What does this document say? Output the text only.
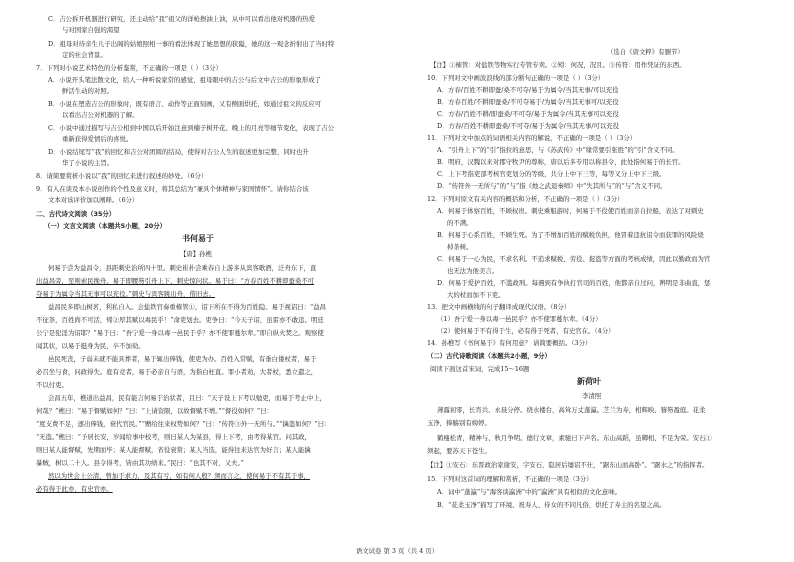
C．吉公拆开机器进行研究，还主动给“我”祖父的洋枪擦油上油，从中可以看出他对机器的热爱
与对国家自强的渴望
D．祖母对待亲生儿子出阁的姑娘照相一事的看法体现了她思想的狭隘，她的这一观念折射出了当时特
定的社会背景。
7．下列对小说艺术特色的分析鉴赏，不正确的一项是（ ）（3分）
A．小说开头笔法散文化，给人一种听说家常的感觉，祖母眼中的吉公与后文中吉公的形象形成了
鲜活生动的对照。
B．小说在塑造吉公的形象时，既有语言、动作等正面刻画，又有侧面烘托，如通过祖父的反应可
以看出吉公对机器的了解。
C．小说中通过描写与吉公相到中国以后开始注意到楠子树开花、晚上的月亮等细节变化，表现了吉公
重新获得爱情后的喜悦。
D．小说结尾写“我”的回忆和吉公对团圆的结局，使得对吉公人生的叙述更加完整，同时也升
华了小说的主旨。
8．请简要赏析小说以“我”的回忆来进行叙述的妙处。（6分）
9．有人在谈及本小说创作的个性及意义时，将其总结为“兼具个体精神与家国情怀”。请你结合该
文本对该评价加以阐释。（6分）
二、古代诗文阅读（35分）
（一）文言文阅读（本题共5小题，20分）
书何易于
【唐】孙樵
何易于尝为益昌令，县距刺史治所四十里。刺史崔朴尝乘春自上游多从宾客歌酒，泛舟东下，直
出益昌旁，至则索民挽舟。易于即腰笏引舟上下，刺史惊问状。易于曰：“方春百姓不耕即蚕桑不可
夺易于为属令当其无事可以充役。”刺史与宾客跳出舟，偕旧去。
益昌民多即山树茗，利私自入。会盐铁官奏重榷管①，诏下所在不得为百姓隐。易于视诏曰：“益昌
不征茶，百姓尚不可活，矧②厚其赋以毒民乎！”命吏划去。吏争曰：“今天子诏，虽雷亦不敢违。明廷
公宁是犯淫为诏耶？”易于曰：“吾宁爱一身以毒一邑民于乎？亦不使罪蔓尔辈。”即自纵火焚之。观察使
闻其状，以易于挺身为民，卒不加劾。
邑民死丧，子弱未就不能具葬者，易于辄出俸钱，使吏为办。百姓入常赋，有垂白偻杖者，易于
必召坐与食，问政得失。庭有竞者，易于必亲自与语，为指白枉直。罪小者劝，大者杖，悉立遣之，
不以付吏。
会昌五年，樵道出益昌，民有能言何易于治状者，且曰：“天子设上下考以勉吏，而易于考止中上，
何哉？”樵曰：“易于督赋如何？”曰：“上请资限，以故督赋不增。”“督役如何？”曰：
“度支费不足，逐出俸钱，衰代官民。”“赠给往来权势如何？”曰：“传符③外一无所与。”“擒盗如何？”曰：
“无盗。”樵曰：“予居长安，岁闻给事中校考，则曰某人为某县，得上下考，由考得某官。问其政，
则曰某人能督赋，先期而毕；某人能督赋，省役衰赏；某人当选，能得往来达官为好言；某人能擒
暴贼，树以二十人。县令得考，皆由其功绩来。”民曰：“也其不对，又夫。”
然以为世会上公清，曾加于求力，及其有亏，如有何人殷？须而言之，使何易于不有其于事，
必有得于此亦，有史官亦。
（选自《唐文粹》有删节）
【注】①榷管：对盐铁等物实行专管专卖。②矧：何况，况且。③传符：用作凭证的东西。
10．下列对文中画波浪线的部分断句正确的一项是（ ）（3分）
A．方春/百姓不耕即蚕/桑不可夺/易于为属令/当其无事/可以充役
B．方春百姓/不耕即蚕桑/不可夺易于/为属令/当其无事可/以充役
C．方春/百姓不耕/即蚕桑/不可夺/易于为属令/当其无事可以充役
D．方春/百姓不耕即蚕桑/不可夺/易于为属令/当其无事/可以充役
11．下列对文中加点的词语相关内容的解说，不正确的一项是（ ）（3分）
A．“引舟上下”的“引”指拉的意思，与《苏武传》中“缘常要引张胜”的“引”含义不同。
B．明府，汉魏以来对郡守牧尹的尊称，唐以后多专用以称县令，此处指何易于的长官。
C．上下考指吏部考核官吏划分的等级，共分上中下三等，每等又分上中下三级。
D．“传符外一无所与”的“与”指《烛之武退秦师》中“失其所与”的“与”含义不同。
12．下列对原文有关内容的概括和分析，不正确的一项是（ ）（3分）
A．何易于体察百姓，不顾权贵。刺史乘船游时，何易于不役使百姓而亲自拉船，表达了对刺史
的不满。
B．何易于心系百姓，不顾生死。为了不增加百姓的赋税负担，他冒着违抗诏令而获罪的风险烧
掉茶树。
C．何易于一心为民，不求名利。不追求赋税、劳役、捉盗等方面的考核成绩，因此以勤政而为官
也无法为他美言。
D．何易于爱护百姓，不滥政刑。每遇到有争执打官司的百姓，他都亲自过问，辨明是非曲直，惩
大的杖而加不下吏。
13．把文中画横线的句子翻译成现代汉语。（8分）
（1）吾宁爱一身以毒一邑民乎？亦不使罪蔓尔辈。（4分）
（2）使何易于不有得于生，必有得于死者，有史官在。（4分）
14．孙樵写《书何易于》有何用意？ 请简要概括。（3分）
（二）古代诗歌阅读（本题共2小题，9分）
阅读下面这首宋词，完成15～16题
新荷叶
李清照
薄露初零，长宵共、永昼分停。绕水楼台，高耸万丈蓬瀛。芝兰为寿，相辉映、簪笏盈庭。花柔
玉净，捧觞别有娉婷。
鹤瘦松青，精神与、秋月争明。德行文章，素驰日下声名。东山高蹈，虽卿相、不足为荣。安石①
须起，要苏天下苍生。
【注】①安石：东晋政治家谢安，字安石，隐居后屡诏不仕，“踞东山而高卧”。“踞水之”的指挥者。
15．下列对这首词的理解和赏析，不正确的一项是（3分）
A．词中“蓬瀛”与“海客谈瀛洲”中的“瀛洲”具有相似的文化意味。
B．“花柔玉净”描写了环境、祝寿人、侍女的不同凡俗，烘托了寿主的名望之高。
语文试卷 第 3 页（共 4 页）
